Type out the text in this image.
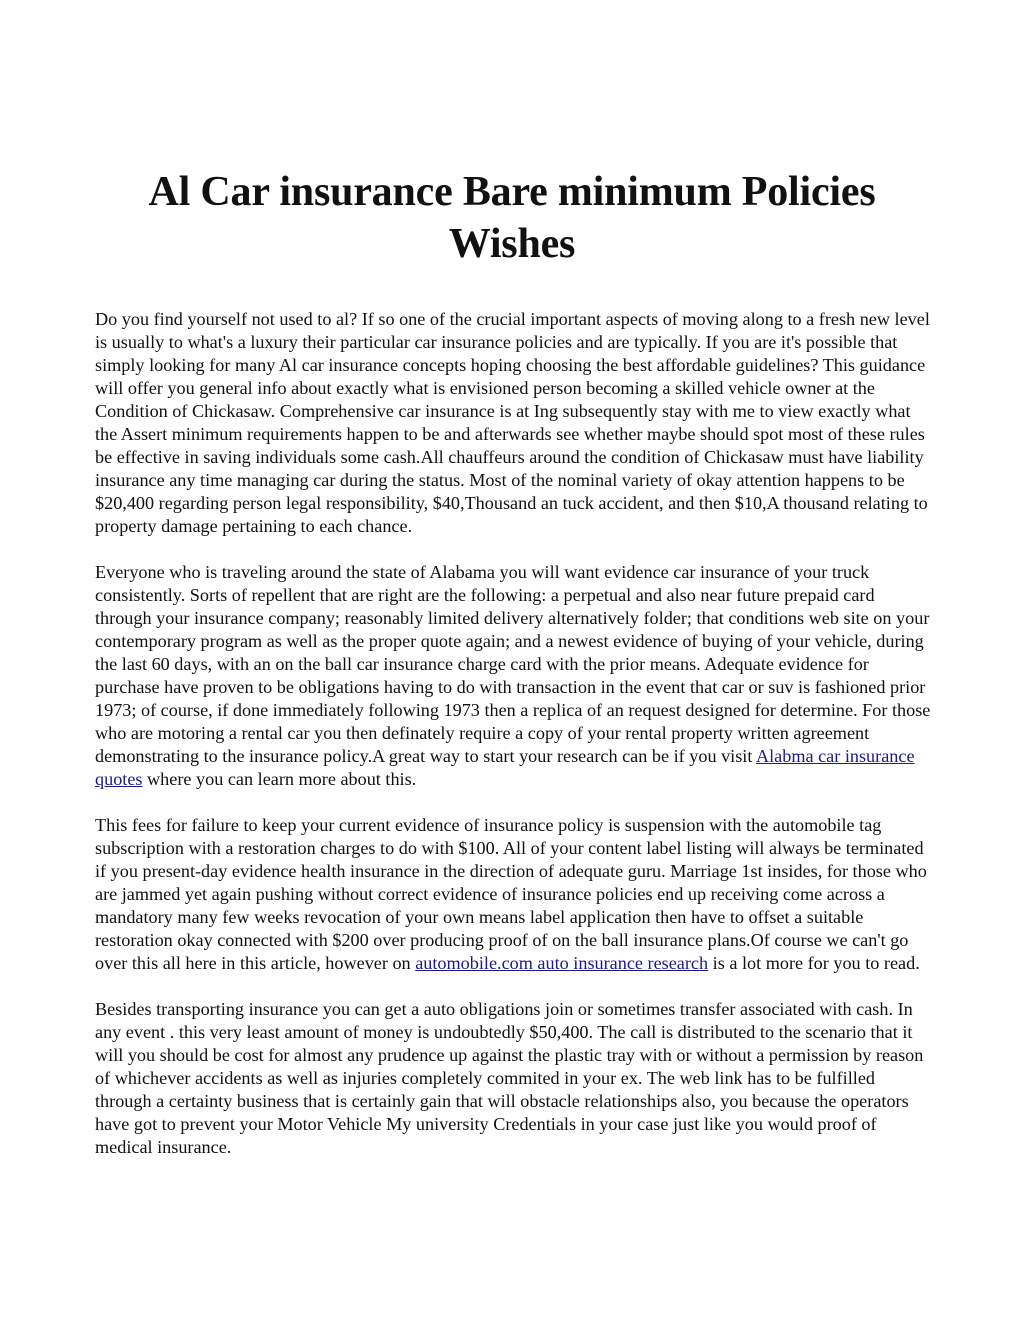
Al Car insurance Bare minimum Policies Wishes

Do you find yourself not used to al? If so one of the crucial important aspects of moving along to a fresh new level is usually to what's a luxury their particular car insurance policies and are typically. If you are it's possible that simply looking for many Al car insurance concepts hoping choosing the best affordable guidelines? This guidance will offer you general info about exactly what is envisioned person becoming a skilled vehicle owner at the Condition of Chickasaw. Comprehensive car insurance is at Ing subsequently stay with me to view exactly what the Assert minimum requirements happen to be and afterwards see whether maybe should spot most of these rules be effective in saving individuals some cash.All chauffeurs around the condition of Chickasaw must have liability insurance any time managing car during the status. Most of the nominal variety of okay attention happens to be $20,400 regarding person legal responsibility, $40,Thousand an tuck accident, and then $10,A thousand relating to property damage pertaining to each chance.

Everyone who is traveling around the state of Alabama you will want evidence car insurance of your truck consistently. Sorts of repellent that are right are the following: a perpetual and also near future prepaid card through your insurance company; reasonably limited delivery alternatively folder; that conditions web site on your contemporary program as well as the proper quote again; and a newest evidence of buying of your vehicle, during the last 60 days, with an on the ball car insurance charge card with the prior means. Adequate evidence for purchase have proven to be obligations having to do with transaction in the event that car or suv is fashioned prior 1973; of course, if done immediately following 1973 then a replica of an request designed for determine. For those who are motoring a rental car you then definately require a copy of your rental property written agreement demonstrating to the insurance policy.A great way to start your research can be if you visit Alabma car insurance quotes where you can learn more about this.

This fees for failure to keep your current evidence of insurance policy is suspension with the automobile tag subscription with a restoration charges to do with $100. All of your content label listing will always be terminated if you present-day evidence health insurance in the direction of adequate guru. Marriage 1st insides, for those who are jammed yet again pushing without correct evidence of insurance policies end up receiving come across a mandatory many few weeks revocation of your own means label application then have to offset a suitable restoration okay connected with $200 over producing proof of on the ball insurance plans.Of course we can't go over this all here in this article, however on automobile.com auto insurance research is a lot more for you to read.

Besides transporting insurance you can get a auto obligations join or sometimes transfer associated with cash. In any event . this very least amount of money is undoubtedly $50,400. The call is distributed to the scenario that it will you should be cost for almost any prudence up against the plastic tray with or without a permission by reason of whichever accidents as well as injuries completely commited in your ex. The web link has to be fulfilled through a certainty business that is certainly gain that will obstacle relationships also, you because the operators have got to prevent your Motor Vehicle My university Credentials in your case just like you would proof of medical insurance.
